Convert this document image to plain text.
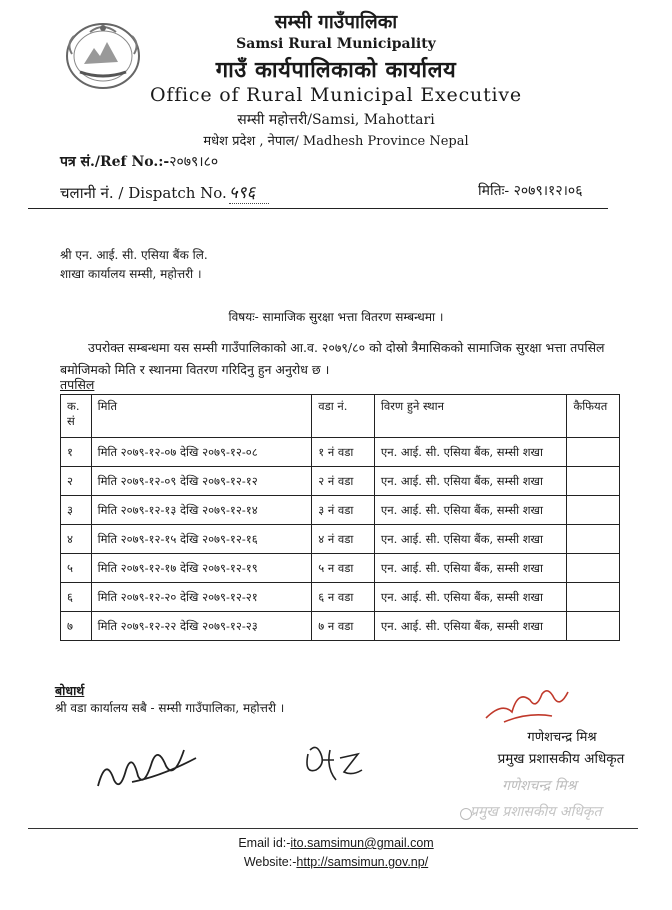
सम्सी गाउँपालिका
Samsi Rural Municipality
गाउँ कार्यपालिकाको कार्यालय
Office of Rural Municipal Executive
सम्सी महोत्तरी/Samsi, Mahottari
मधेश प्रदेश , नेपाल/ Madhesh Province Nepal
पत्र सं./Ref No.:-२०७९।८०
चलानी नं. / Dispatch No. ५९६	मितिः- २०७९।१२।०६
श्री एन. आई. सी. एसिया बैंक लि.
शाखा कार्यालय सम्सी, महोत्तरी ।
विषयः- सामाजिक सुरक्षा भत्ता वितरण सम्बन्धमा ।
उपरोक्त सम्बन्धमा यस सम्सी गाउँपालिकाको आ.व. २०७९/८० को दोस्रो त्रैमासिकको सामाजिक सुरक्षा भत्ता तपसिल बमोजिमको मिति र स्थानमा वितरण गरिदिनु हुन अनुरोध छ ।
तपसिल
क. सं	मिति	वडा नं.	विरण हुने स्थान	कैफियत
१	मिति २०७९-१२-०७ देखि २०७९-१२-०८	१ नं वडा	एन. आई. सी. एसिया बैंक, सम्सी शखा	
२	मिति २०७९-१२-०९ देखि २०७९-१२-१२	२ नं वडा	एन. आई. सी. एसिया बैंक, सम्सी शखा	
३	मिति २०७९-१२-१३ देखि २०७९-१२-१४	३ नं वडा	एन. आई. सी. एसिया बैंक, सम्सी शखा	
४	मिति २०७९-१२-१५ देखि २०७९-१२-१६	४ नं वडा	एन. आई. सी. एसिया बैंक, सम्सी शखा	
५	मिति २०७९-१२-१७ देखि २०७९-१२-१९	५ न वडा	एन. आई. सी. एसिया बैंक, सम्सी शखा	
६	मिति २०७९-१२-२० देखि २०७९-१२-२१	६ न वडा	एन. आई. सी. एसिया बैंक, सम्सी शखा	
७	मिति २०७९-१२-२२ देखि २०७९-१२-२३	७ न वडा	एन. आई. सी. एसिया बैंक, सम्सी शखा	
बोधार्थ
श्री वडा कार्यालय सबै - सम्सी गाउँपालिका, महोत्तरी ।
गणेशचन्द्र मिश्र
प्रमुख प्रशासकीय अधिकृत
गणेशचन्द्र मिश्र
प्रमुख प्रशासकीय अधिकृत
Email id:-ito.samsimun@gmail.com
Website:-http://samsimun.gov.np/
